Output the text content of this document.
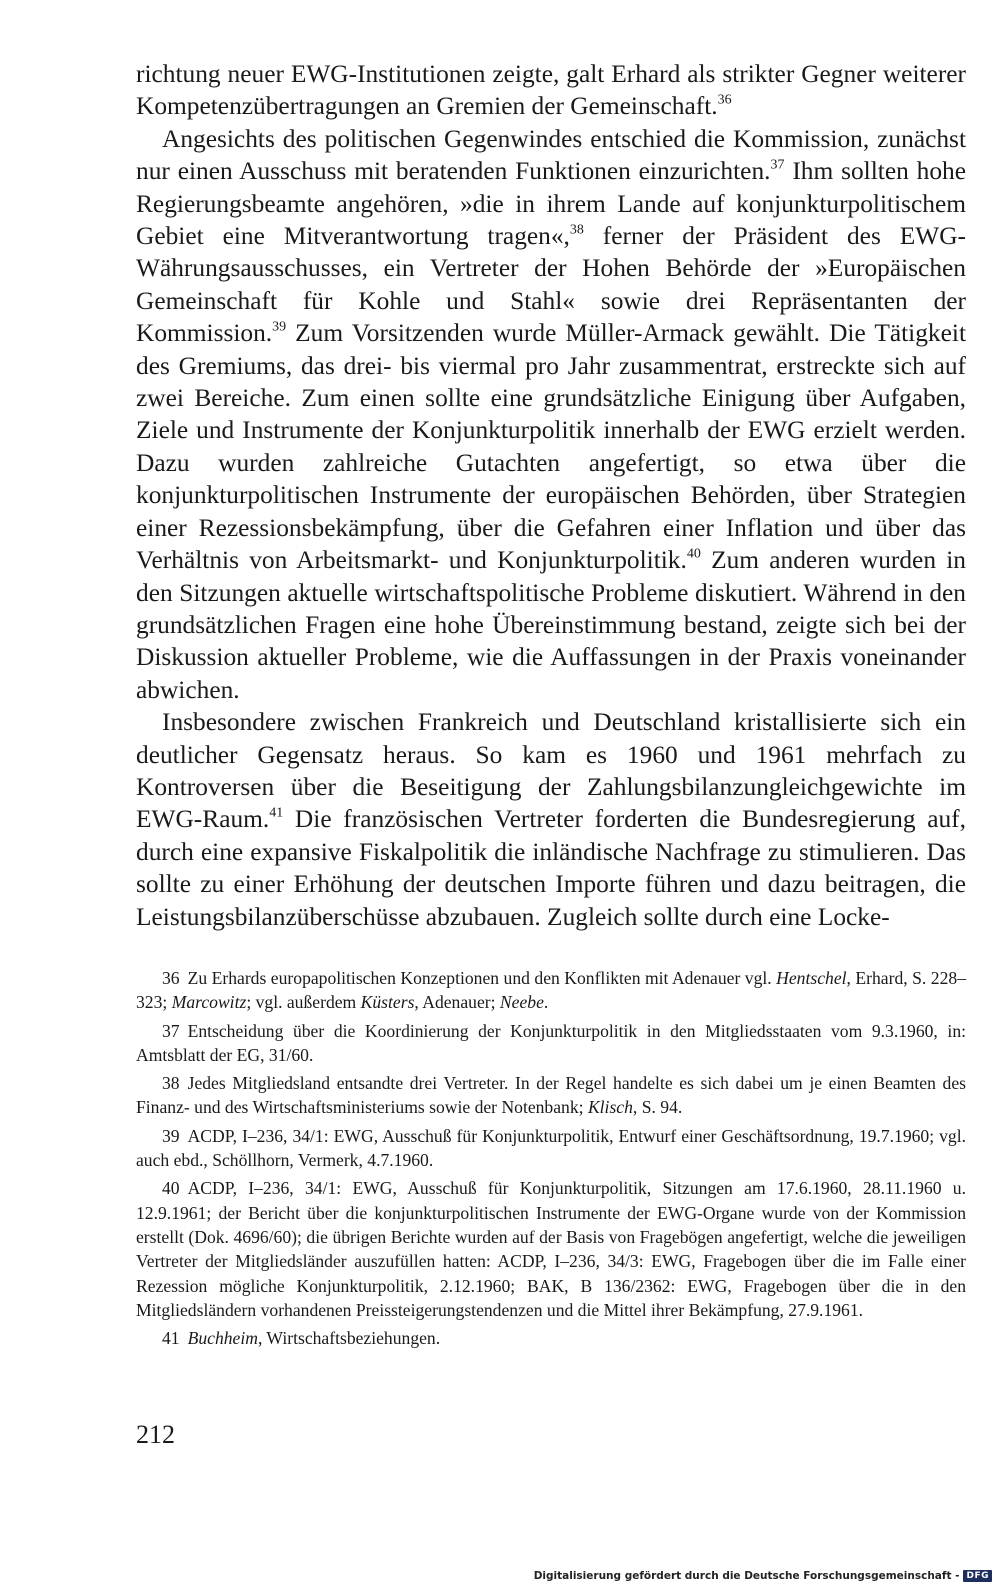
richtung neuer EWG-Institutionen zeigte, galt Erhard als strikter Gegner weiterer Kompetenzübertragungen an Gremien der Gemeinschaft.$^{36}$

Angesichts des politischen Gegenwindes entschied die Kommission, zunächst nur einen Ausschuss mit beratenden Funktionen einzurichten.$^{37}$ Ihm sollten hohe Regierungsbeamte angehören, »die in ihrem Lande auf konjunkturpolitischem Gebiet eine Mitverantwortung tragen«,$^{38}$ ferner der Präsident des EWG-Währungsausschusses, ein Vertreter der Hohen Behörde der »Europäischen Gemeinschaft für Kohle und Stahl« sowie drei Repräsentanten der Kommission.$^{39}$ Zum Vorsitzenden wurde Müller-Armack gewählt. Die Tätigkeit des Gremiums, das drei- bis viermal pro Jahr zusammentrat, erstreckte sich auf zwei Bereiche. Zum einen sollte eine grundsätzliche Einigung über Aufgaben, Ziele und Instrumente der Konjunkturpolitik innerhalb der EWG erzielt werden. Dazu wurden zahlreiche Gutachten angefertigt, so etwa über die konjunkturpolitischen Instrumente der europäischen Behörden, über Strategien einer Rezessionsbekämpfung, über die Gefahren einer Inflation und über das Verhältnis von Arbeitsmarkt- und Konjunkturpolitik.$^{40}$ Zum anderen wurden in den Sitzungen aktuelle wirtschaftspolitische Probleme diskutiert. Während in den grundsätzlichen Fragen eine hohe Übereinstimmung bestand, zeigte sich bei der Diskussion aktueller Probleme, wie die Auffassungen in der Praxis voneinander abwichen.

Insbesondere zwischen Frankreich und Deutschland kristallisierte sich ein deutlicher Gegensatz heraus. So kam es 1960 und 1961 mehrfach zu Kontroversen über die Beseitigung der Zahlungsbilanzungleichgewichte im EWG-Raum.$^{41}$ Die französischen Vertreter forderten die Bundesregierung auf, durch eine expansive Fiskalpolitik die inländische Nachfrage zu stimulieren. Das sollte zu einer Erhöhung der deutschen Importe führen und dazu beitragen, die Leistungsbilanzüberschüsse abzubauen. Zugleich sollte durch eine Locke-

36 Zu Erhards europapolitischen Konzeptionen und den Konflikten mit Adenauer vgl. Hentschel, Erhard, S. 228–323; Marcowitz; vgl. außerdem Küsters, Adenauer; Neebe.

37 Entscheidung über die Koordinierung der Konjunkturpolitik in den Mitgliedsstaaten vom 9.3.1960, in: Amtsblatt der EG, 31/60.

38 Jedes Mitgliedsland entsandte drei Vertreter. In der Regel handelte es sich dabei um je einen Beamten des Finanz- und des Wirtschaftsministeriums sowie der Notenbank; Klisch, S. 94.

39 ACDP, I–236, 34/1: EWG, Ausschuß für Konjunkturpolitik, Entwurf einer Geschäftsordnung, 19.7.1960; vgl. auch ebd., Schöllhorn, Vermerk, 4.7.1960.

40 ACDP, I–236, 34/1: EWG, Ausschuß für Konjunkturpolitik, Sitzungen am 17.6.1960, 28.11.1960 u. 12.9.1961; der Bericht über die konjunkturpolitischen Instrumente der EWG-Organe wurde von der Kommission erstellt (Dok. 4696/60); die übrigen Berichte wurden auf der Basis von Fragebögen angefertigt, welche die jeweiligen Vertreter der Mitgliedsländer auszufüllen hatten: ACDP, I–236, 34/3: EWG, Fragebogen über die im Falle einer Rezession mögliche Konjunkturpolitik, 2.12.1960; BAK, B 136/2362: EWG, Fragebogen über die in den Mitgliedsländern vorhandenen Preissteigerungstendenzen und die Mittel ihrer Bekämpfung, 27.9.1961.

41 Buchheim, Wirtschaftsbeziehungen.

212
Digitalisierung gefördert durch die Deutsche Forschungsgemeinschaft - DFG
